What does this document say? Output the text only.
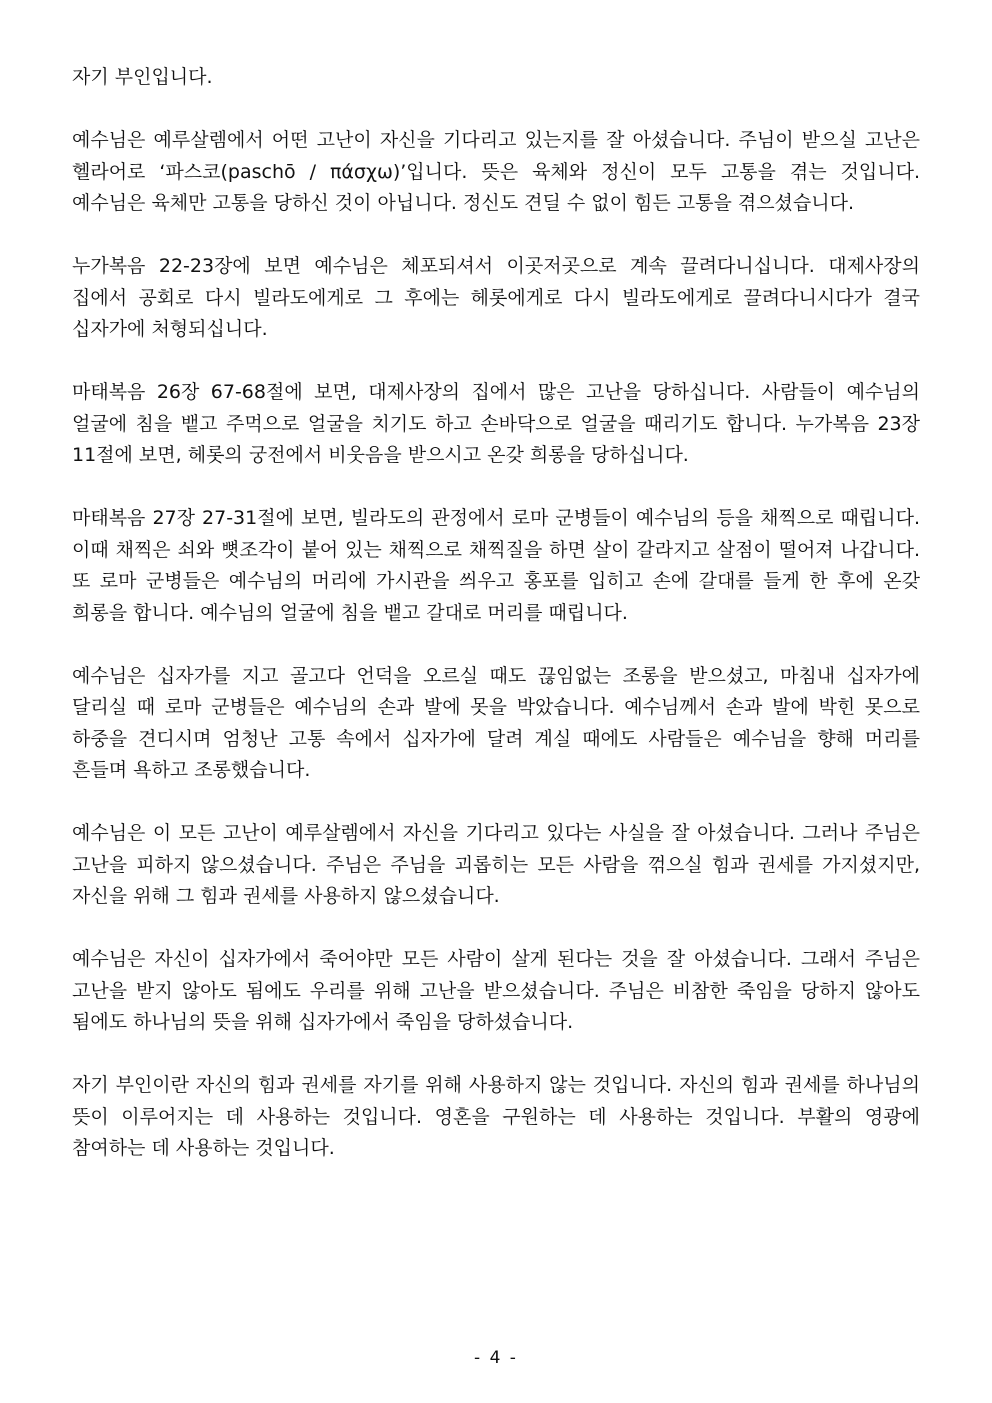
자기 부인입니다.

예수님은 예루살렘에서 어떤 고난이 자신을 기다리고 있는지를 잘 아셨습니다. 주님이 받으실 고난은 헬라어로 ‘파스코(paschō / πάσχω)’입니다. 뜻은 육체와 정신이 모두 고통을 겪는 것입니다. 예수님은 육체만 고통을 당하신 것이 아닙니다. 정신도 견딜 수 없이 힘든 고통을 겪으셨습니다.

누가복음 22-23장에 보면 예수님은 체포되셔서 이곳저곳으로 계속 끌려다니십니다. 대제사장의 집에서 공회로 다시 빌라도에게로 그 후에는 헤롯에게로 다시 빌라도에게로 끌려다니시다가 결국 십자가에 처형되십니다.

마태복음 26장 67-68절에 보면, 대제사장의 집에서 많은 고난을 당하십니다. 사람들이 예수님의 얼굴에 침을 뱉고 주먹으로 얼굴을 치기도 하고 손바닥으로 얼굴을 때리기도 합니다. 누가복음 23장 11절에 보면, 헤롯의 궁전에서 비웃음을 받으시고 온갖 희롱을 당하십니다.

마태복음 27장 27-31절에 보면, 빌라도의 관정에서 로마 군병들이 예수님의 등을 채찍으로 때립니다. 이때 채찍은 쇠와 뼛조각이 붙어 있는 채찍으로 채찍질을 하면 살이 갈라지고 살점이 떨어져 나갑니다. 또 로마 군병들은 예수님의 머리에 가시관을 씌우고 홍포를 입히고 손에 갈대를 들게 한 후에 온갖 희롱을 합니다. 예수님의 얼굴에 침을 뱉고 갈대로 머리를 때립니다.

예수님은 십자가를 지고 골고다 언덕을 오르실 때도 끊임없는 조롱을 받으셨고, 마침내 십자가에 달리실 때 로마 군병들은 예수님의 손과 발에 못을 박았습니다. 예수님께서 손과 발에 박힌 못으로 하중을 견디시며 엄청난 고통 속에서 십자가에 달려 계실 때에도 사람들은 예수님을 향해 머리를 흔들며 욕하고 조롱했습니다.

예수님은 이 모든 고난이 예루살렘에서 자신을 기다리고 있다는 사실을 잘 아셨습니다. 그러나 주님은 고난을 피하지 않으셨습니다. 주님은 주님을 괴롭히는 모든 사람을 꺾으실 힘과 권세를 가지셨지만, 자신을 위해 그 힘과 권세를 사용하지 않으셨습니다.

예수님은 자신이 십자가에서 죽어야만 모든 사람이 살게 된다는 것을 잘 아셨습니다. 그래서 주님은 고난을 받지 않아도 됨에도 우리를 위해 고난을 받으셨습니다. 주님은 비참한 죽임을 당하지 않아도 됨에도 하나님의 뜻을 위해 십자가에서 죽임을 당하셨습니다.

자기 부인이란 자신의 힘과 권세를 자기를 위해 사용하지 않는 것입니다. 자신의 힘과 권세를 하나님의 뜻이 이루어지는 데 사용하는 것입니다. 영혼을 구원하는 데 사용하는 것입니다. 부활의 영광에 참여하는 데 사용하는 것입니다.

- 4 -
